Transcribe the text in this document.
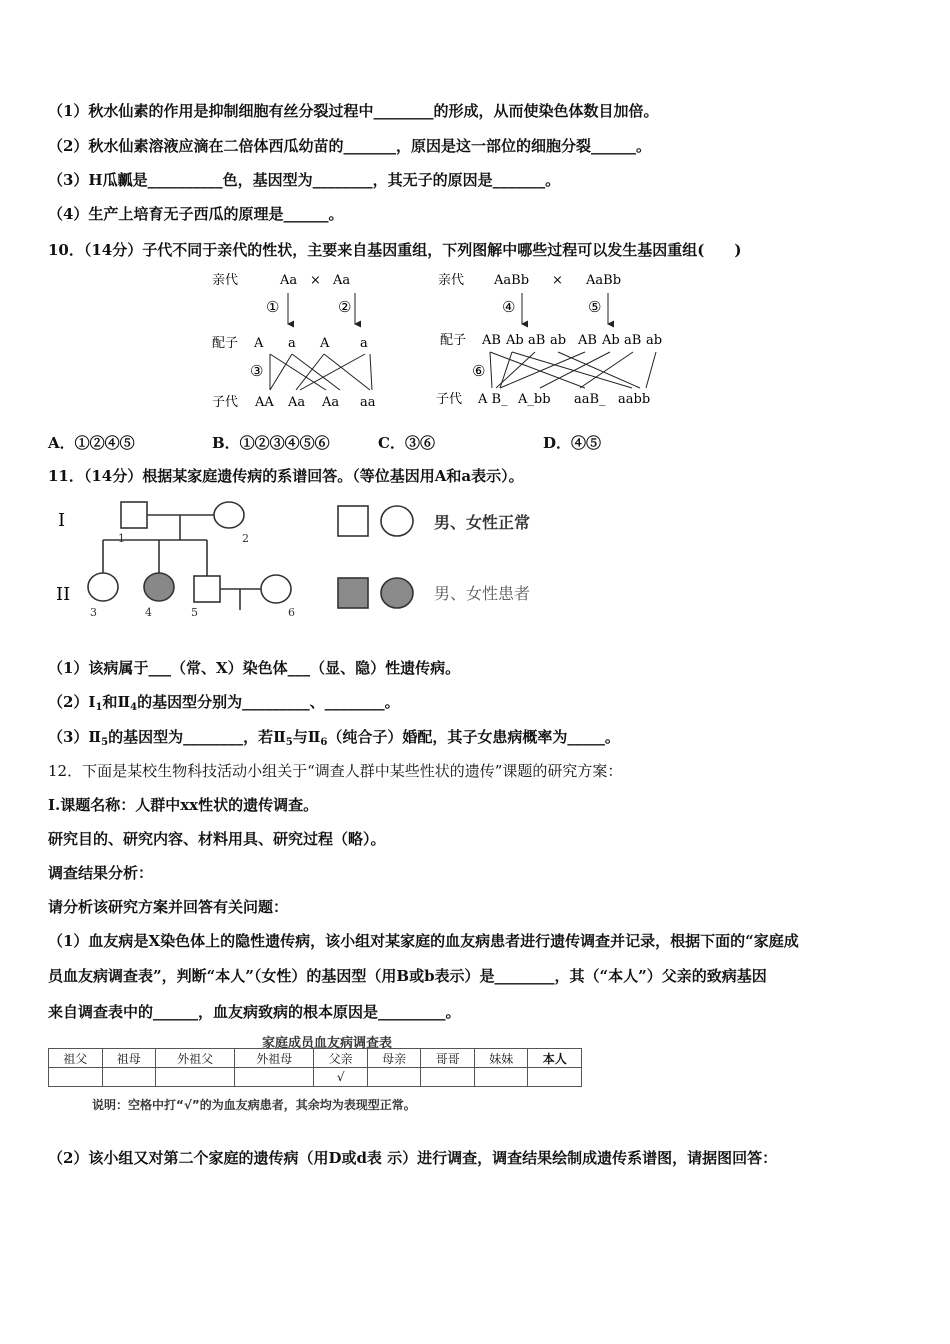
（1）秋水仙素的作用是抑制细胞有丝分裂过程中________的形成，从而使染色体数目加倍。
（2）秋水仙素溶液应滴在二倍体西瓜幼苗的_______，原因是这一部位的细胞分裂______。
（3）H瓜瓤是__________色，基因型为________，其无子的原因是_______。
（4）生产上培育无子西瓜的原理是______。
10．（14分）子代不同于亲代的性状，主要来自基因重组，下列图解中哪些过程可以发生基因重组(　　)
亲代	Aa × Aa
①	②
配子 A a A a
③
子代 AA Aa Aa aa
亲代 AaBb × AaBb
④	⑤
配子 AB Ab aB ab AB Ab aB ab
⑥
子代 A B_ A_bb aaB_ aabb
A．①②④⑤	B．①②③④⑤⑥	C．③⑥	D．④⑤
11．（14分）根据某家庭遗传病的系谱回答。（等位基因用A和a表示）。
I
II
1	2
3	4	5	6
男、女性正常
男、女性患者
（1）该病属于___（常、X）染色体___（显、隐）性遗传病。
$(2)Ⅰ_1$和$Ⅱ_4$的基因型分别为_________、________。
$(3)Ⅱ_5$的基因型为________，若$Ⅱ_5$与$Ⅱ_6$（纯合子）婚配，其子女患病概率为_____。
12．下面是某校生物科技活动小组关于“调查人群中某些性状的遗传”课题的研究方案：
I.课题名称：人群中xx性状的遗传调查。
研究目的、研究内容、材料用具、研究过程（略）。
调查结果分析：
请分析该研究方案并回答有关问题：
（1）血友病是X染色体上的隐性遗传病，该小组对某家庭的血友病患者进行遗传调查并记录，根据下面的“家庭成
员血友病调查表”，判断“本人”（女性）的基因型（用B或b表示）是________，其（“本人”）父亲的致病基因
来自调查表中的______，血友病致病的根本原因是_________。
家庭成员血友病调查表
祖父	祖母	外祖父	外祖母	父亲	母亲	哥哥	妹妹	本人
				√				
说明：空格中打“√”的为血友病患者，其余均为表现型正常。
（2）该小组又对第二个家庭的遗传病（用D或d表 示）进行调查，调查结果绘制成遗传系谱图，请据图回答：
